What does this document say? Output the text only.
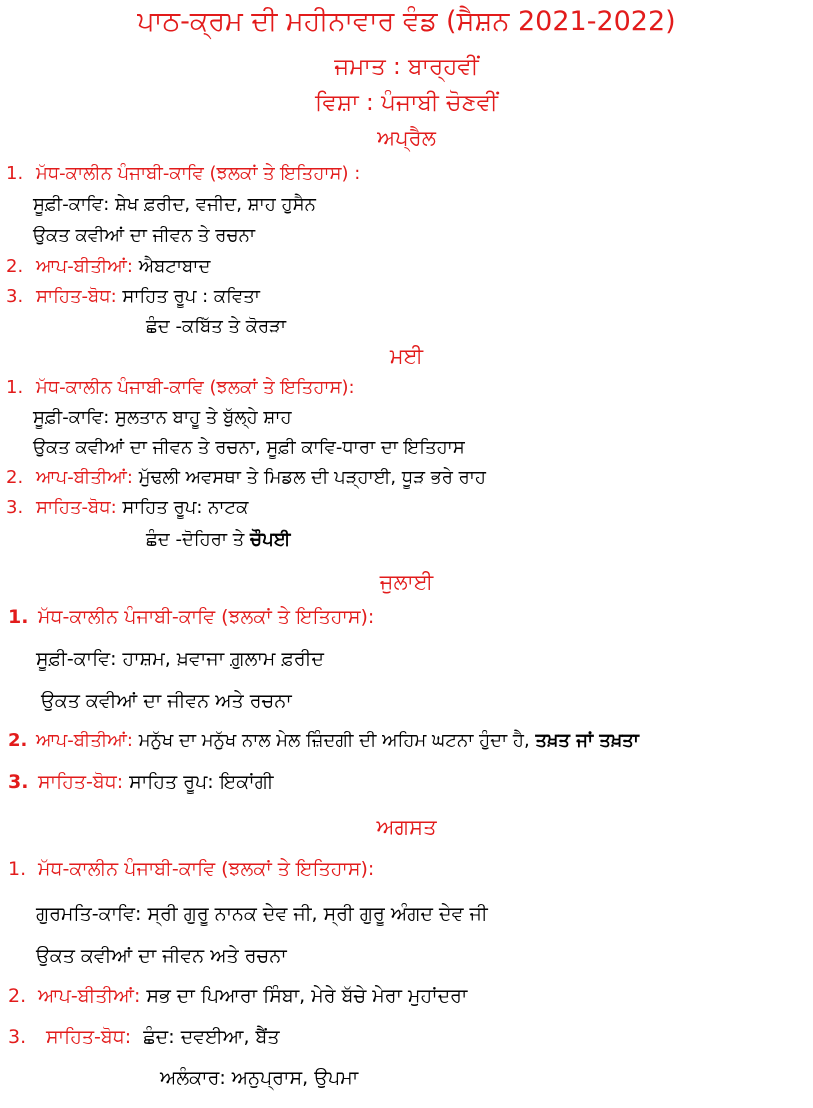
ਪਾਠ-ਕ੍ਰਮ ਦੀ ਮਹੀਨਾਵਾਰ ਵੰਡ (ਸੈਸ਼ਨ 2021-2022)
ਜਮਾਤ : ਬਾਰ੍ਹਵੀਂ
ਵਿਸ਼ਾ : ਪੰਜਾਬੀ ਚੋਣਵੀਂ
ਅਪ੍ਰੈਲ
1. ਮੱਧ-ਕਾਲੀਨ ਪੰਜਾਬੀ-ਕਾਵਿ (ਝਲਕਾਂ ਤੇ ਇਤਿਹਾਸ) :
ਸੂਫ਼ੀ-ਕਾਵਿ: ਸ਼ੇਖ ਫ਼ਰੀਦ, ਵਜੀਦ, ਸ਼ਾਹ ਹੁਸੈਨ
ਉਕਤ ਕਵੀਆਂ ਦਾ ਜੀਵਨ ਤੇ ਰਚਨਾ
2. ਆਪ-ਬੀਤੀਆਂ: ਐਬਟਾਬਾਦ
3. ਸਾਹਿਤ-ਬੋਧ: ਸਾਹਿਤ ਰੂਪ : ਕਵਿਤਾ
ਛੰਦ -ਕਬਿੱਤ ਤੇ ਕੋਰੜਾ
ਮਈ
1. ਮੱਧ-ਕਾਲੀਨ ਪੰਜਾਬੀ-ਕਾਵਿ (ਝਲਕਾਂ ਤੇ ਇਤਿਹਾਸ):
ਸੂਫ਼ੀ-ਕਾਵਿ: ਸੁਲਤਾਨ ਬਾਹੂ ਤੇ ਬੁੱਲ੍ਹੇ ਸ਼ਾਹ
ਉਕਤ ਕਵੀਆਂ ਦਾ ਜੀਵਨ ਤੇ ਰਚਨਾ, ਸੂਫ਼ੀ ਕਾਵਿ-ਧਾਰਾ ਦਾ ਇਤਿਹਾਸ
2. ਆਪ-ਬੀਤੀਆਂ: ਮੁੱਢਲੀ ਅਵਸਥਾ ਤੇ ਮਿਡਲ ਦੀ ਪੜ੍ਹਾਈ, ਧੂੜ ਭਰੇ ਰਾਹ
3. ਸਾਹਿਤ-ਬੋਧ: ਸਾਹਿਤ ਰੂਪ: ਨਾਟਕ
ਛੰਦ -ਦੋਹਿਰਾ ਤੇ ਚੌਪਈ
ਜੁਲਾਈ
1. ਮੱਧ-ਕਾਲੀਨ ਪੰਜਾਬੀ-ਕਾਵਿ (ਝਲਕਾਂ ਤੇ ਇਤਿਹਾਸ):
ਸੂਫ਼ੀ-ਕਾਵਿ: ਹਾਸ਼ਮ, ਖ਼ਵਾਜਾ ਗ਼ੁਲਾਮ ਫ਼ਰੀਦ
ਉਕਤ ਕਵੀਆਂ ਦਾ ਜੀਵਨ ਅਤੇ ਰਚਨਾ
2. ਆਪ-ਬੀਤੀਆਂ: ਮਨੁੱਖ ਦਾ ਮਨੁੱਖ ਨਾਲ ਮੇਲ ਜ਼ਿੰਦਗੀ ਦੀ ਅਹਿਮ ਘਟਨਾ ਹੁੰਦਾ ਹੈ, ਤਖ਼ਤ ਜਾਂ ਤਖ਼ਤਾ
3. ਸਾਹਿਤ-ਬੋਧ: ਸਾਹਿਤ ਰੂਪ: ਇਕਾਂਗੀ
ਅਗਸਤ
1. ਮੱਧ-ਕਾਲੀਨ ਪੰਜਾਬੀ-ਕਾਵਿ (ਝਲਕਾਂ ਤੇ ਇਤਿਹਾਸ):
ਗੁਰਮਤਿ-ਕਾਵਿ: ਸ੍ਰੀ ਗੁਰੂ ਨਾਨਕ ਦੇਵ ਜੀ, ਸ੍ਰੀ ਗੁਰੂ ਅੰਗਦ ਦੇਵ ਜੀ
ਉਕਤ ਕਵੀਆਂ ਦਾ ਜੀਵਨ ਅਤੇ ਰਚਨਾ
2. ਆਪ-ਬੀਤੀਆਂ: ਸਭ ਦਾ ਪਿਆਰਾ ਸਿੰਬਾ, ਮੇਰੇ ਬੱਚੇ ਮੇਰਾ ਮੁਹਾਂਦਰਾ
3. ਸਾਹਿਤ-ਬੋਧ: ਛੰਦ: ਦਵਈਆ, ਬੈਂਤ
ਅਲੰਕਾਰ: ਅਨੁਪ੍ਰਾਸ, ਉਪਮਾ
